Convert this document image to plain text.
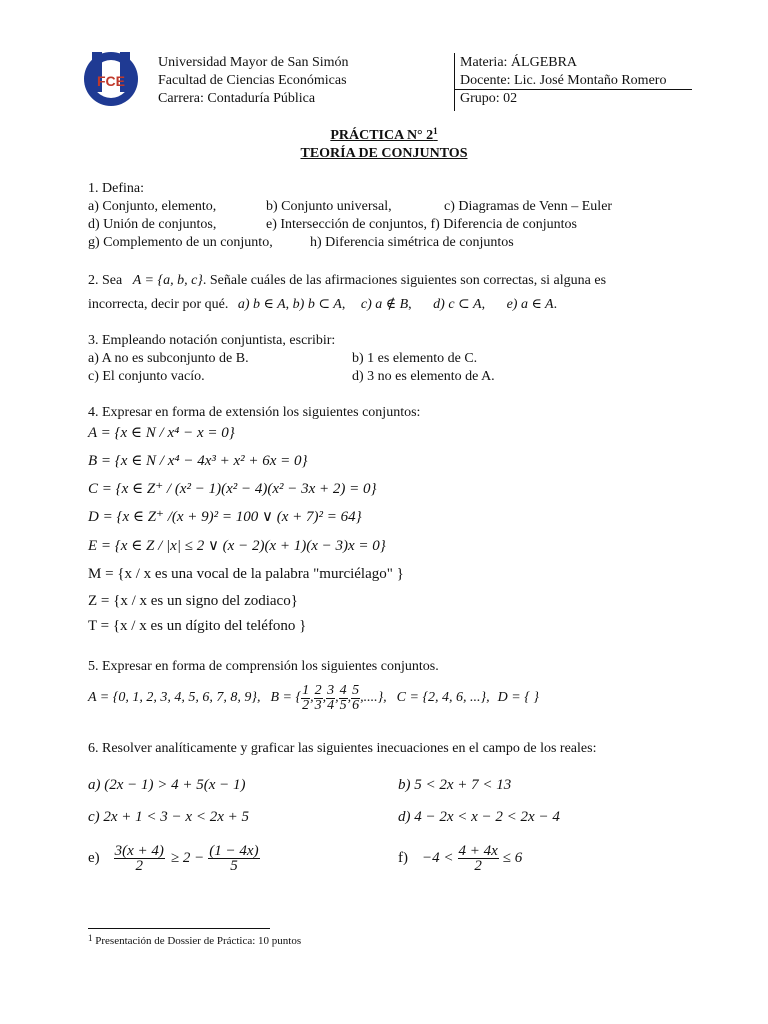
FCE
Universidad Mayor de San Simón
Facultad de Ciencias Económicas
Carrera: Contaduría Pública
Materia: ÁLGEBRA
Docente: Lic. José Montaño Romero
Grupo: 02
PRÁCTICA N° $2^1$
TEORÍA DE CONJUNTOS
1. Defina:
a) Conjunto, elemento,	b) Conjunto universal,	c) Diagramas de Venn – Euler
d) Unión de conjuntos,	e) Intersección de conjuntos, f) Diferencia de conjuntos
g) Complemento de un conjunto,	h) Diferencia simétrica de conjuntos
2. Sea A = {a, b, c}. Señale cuáles de las afirmaciones siguientes son correctas, si alguna es
incorrecta, decir por qué. a) b ∈ A, b) b ⊂ A, c) a ∉ B, d) c ⊂ A, e) a ∈ A.
3. Empleando notación conjuntista, escribir:
a) A no es subconjunto de B.	b) 1 es elemento de C.
c) El conjunto vacío.	d) 3 no es elemento de A.
4. Expresar en forma de extensión los siguientes conjuntos:
A = {x ∈ N / x⁴ − x = 0}
B = {x ∈ N / x⁴ − 4x³ + x² + 6x = 0}
C = {x ∈ Z⁺ / (x² − 1)(x² − 4)(x² − 3x + 2) = 0}
D = {x ∈ Z⁺ /(x + 9)² = 100 ∨ (x + 7)² = 64}
E = {x ∈ Z / |x| ≤ 2 ∨ (x − 2)(x + 1)(x − 3)x = 0}
M = {x / x es una vocal de la palabra "murciélago" }
Z = {x / x es un signo del zodiaco}
T = {x / x es un dígito del teléfono }
5. Expresar en forma de comprensión los siguientes conjuntos.
A = {0, 1, 2, 3, 4, 5, 6, 7, 8, 9}, B = { $\frac{1}{2}$ , $\frac{2}{3}$ , $\frac{3}{4}$ , $\frac{4}{5}$ , $\frac{5}{6}$ ,....}, C = {2, 4, 6, ...}, D = { }
6. Resolver analíticamente y graficar las siguientes inecuaciones en el campo de los reales:
a) (2x − 1) > 4 + 5(x − 1)	b) 5 < 2x + 7 < 13
c) 2x + 1 < 3 − x < 2x + 5	d) 4 − 2x < x − 2 < 2x − 4
$e) \frac{3(x + 4)}{2} \ge 2 - \frac{(1 - 4x)}{5}$	$f) -4 < \frac{4 + 4x}{2} \le 6$
$^1$ Presentación de Dossier de Práctica: 10 puntos
